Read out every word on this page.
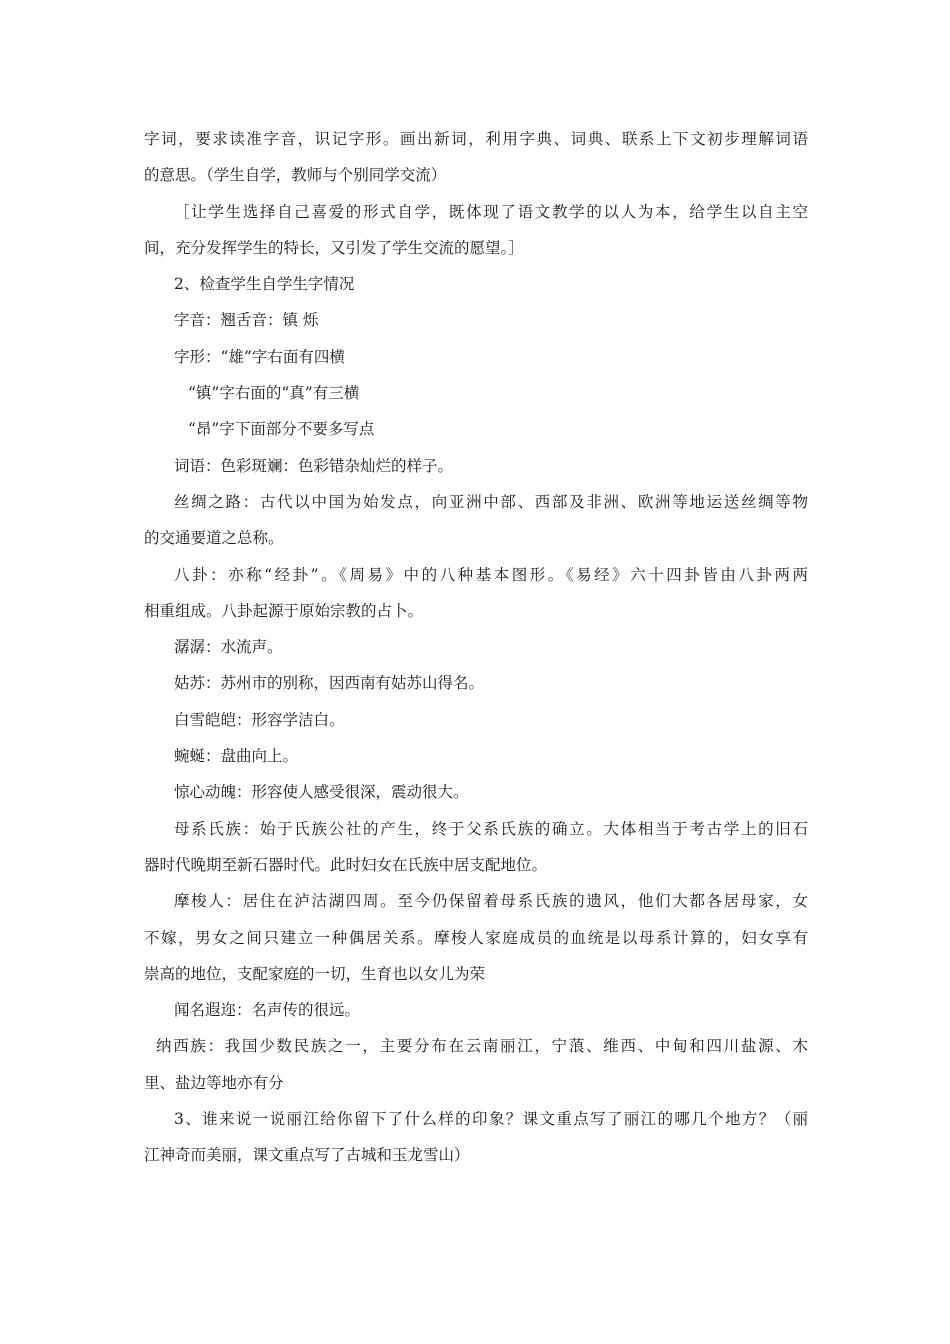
字词，要求读准字音，识记字形。画出新词，利用字典、词典、联系上下文初步理解词语
的意思。（学生自学，教师与个别同学交流）
［让学生选择自己喜爱的形式自学，既体现了语文教学的以人为本，给学生以自主空
间，充分发挥学生的特长，又引发了学生交流的愿望。］
2、检查学生自学生字情况
字音：翘舌音：镇 烁
字形：“雄”字右面有四横
“镇”字右面的“真”有三横
“昂”字下面部分不要多写点
词语：色彩斑斓：色彩错杂灿烂的样子。
丝绸之路：古代以中国为始发点，向亚洲中部、西部及非洲、欧洲等地运送丝绸等物
的交通要道之总称。
八卦：亦称“经卦”。《周易》中的八种基本图形。《易经》六十四卦皆由八卦两两
相重组成。八卦起源于原始宗教的占卜。
潺潺：水流声。
姑苏：苏州市的别称，因西南有姑苏山得名。
白雪皑皑：形容学洁白。
蜿蜒：盘曲向上。
惊心动魄：形容使人感受很深，震动很大。
母系氏族：始于氏族公社的产生，终于父系氏族的确立。大体相当于考古学上的旧石
器时代晚期至新石器时代。此时妇女在氏族中居支配地位。
摩梭人：居住在泸沽湖四周。至今仍保留着母系氏族的遗风，他们大都各居母家，女
不嫁，男女之间只建立一种偶居关系。摩梭人家庭成员的血统是以母系计算的，妇女享有
崇高的地位，支配家庭的一切，生育也以女儿为荣
闻名遐迩：名声传的很远。
纳西族：我国少数民族之一，主要分布在云南丽江，宁蒗、维西、中甸和四川盐源、木
里、盐边等地亦有分
3、谁来说一说丽江给你留下了什么样的印象？课文重点写了丽江的哪几个地方？（丽
江神奇而美丽，课文重点写了古城和玉龙雪山）
